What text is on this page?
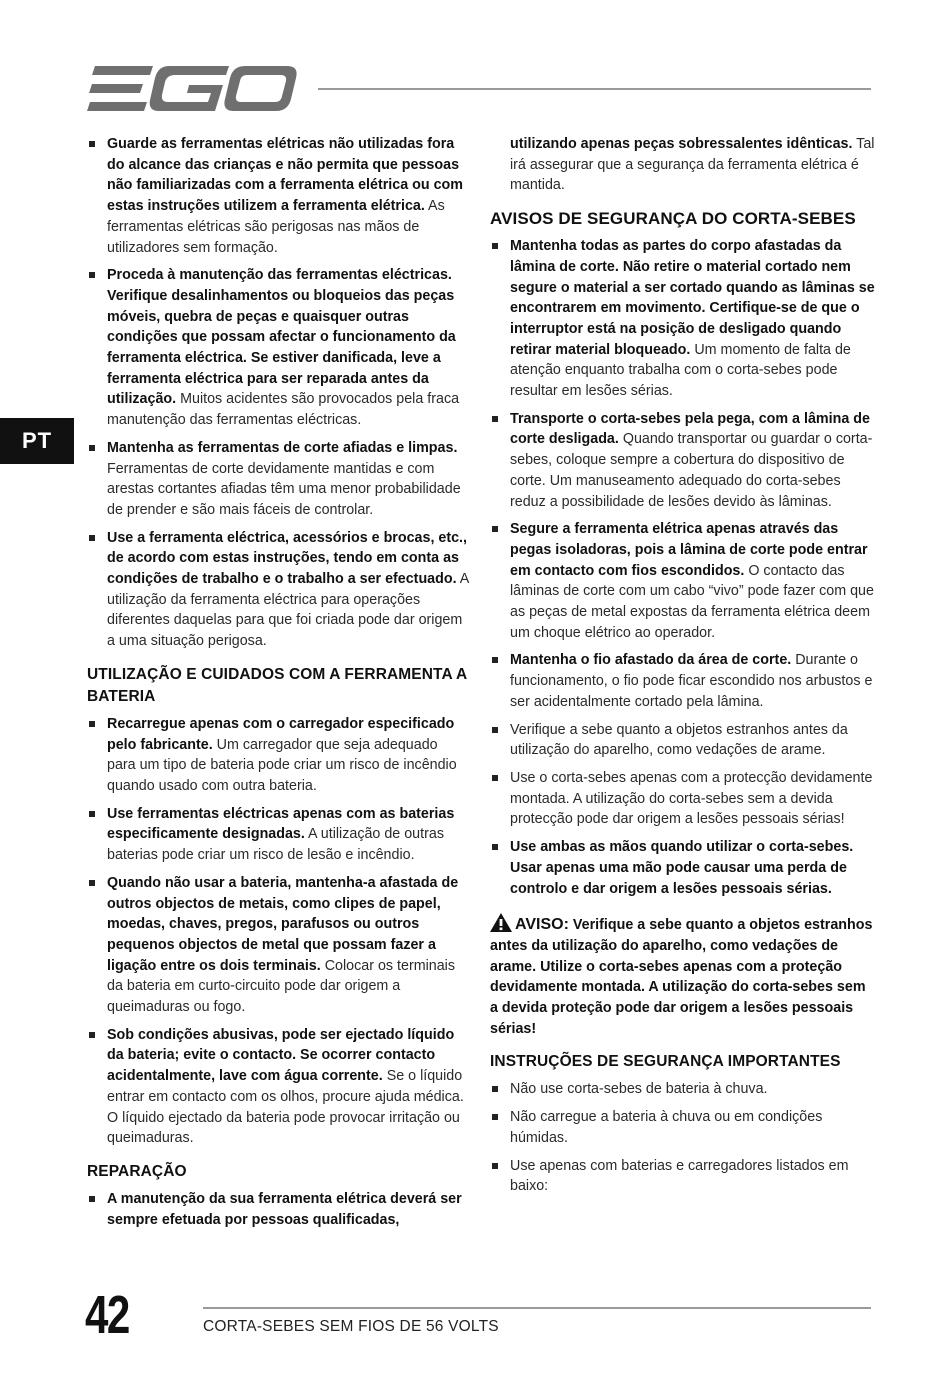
PT
Guarde as ferramentas elétricas não utilizadas fora do alcance das crianças e não permita que pessoas não familiarizadas com a ferramenta elétrica ou com estas instruções utilizem a ferramenta elétrica. As ferramentas elétricas são perigosas nas mãos de utilizadores sem formação.
Proceda à manutenção das ferramentas eléctricas. Verifique desalinhamentos ou bloqueios das peças móveis, quebra de peças e quaisquer outras condições que possam afectar o funcionamento da ferramenta eléctrica. Se estiver danificada, leve a ferramenta eléctrica para ser reparada antes da utilização. Muitos acidentes são provocados pela fraca manutenção das ferramentas eléctricas.
Mantenha as ferramentas de corte afiadas e limpas. Ferramentas de corte devidamente mantidas e com arestas cortantes afiadas têm uma menor probabilidade de prender e são mais fáceis de controlar.
Use a ferramenta eléctrica, acessórios e brocas, etc., de acordo com estas instruções, tendo em conta as condições de trabalho e o trabalho a ser efectuado. A utilização da ferramenta eléctrica para operações diferentes daquelas para que foi criada pode dar origem a uma situação perigosa.
UTILIZAÇÃO E CUIDADOS COM A FERRAMENTA A BATERIA
Recarregue apenas com o carregador especificado pelo fabricante. Um carregador que seja adequado para um tipo de bateria pode criar um risco de incêndio quando usado com outra bateria.
Use ferramentas eléctricas apenas com as baterias especificamente designadas. A utilização de outras baterias pode criar um risco de lesão e incêndio.
Quando não usar a bateria, mantenha-a afastada de outros objectos de metais, como clipes de papel, moedas, chaves, pregos, parafusos ou outros pequenos objectos de metal que possam fazer a ligação entre os dois terminais. Colocar os terminais da bateria em curto-circuito pode dar origem a queimaduras ou fogo.
Sob condições abusivas, pode ser ejectado líquido da bateria; evite o contacto. Se ocorrer contacto acidentalmente, lave com água corrente. Se o líquido entrar em contacto com os olhos, procure ajuda médica. O líquido ejectado da bateria pode provocar irritação ou queimaduras.
REPARAÇÃO
A manutenção da sua ferramenta elétrica deverá ser sempre efetuada por pessoas qualificadas,
utilizando apenas peças sobressalentes idênticas. Tal irá assegurar que a segurança da ferramenta elétrica é mantida.
AVISOS DE SEGURANÇA DO CORTA-SEBES
Mantenha todas as partes do corpo afastadas da lâmina de corte. Não retire o material cortado nem segure o material a ser cortado quando as lâminas se encontrarem em movimento. Certifique-se de que o interruptor está na posição de desligado quando retirar material bloqueado. Um momento de falta de atenção enquanto trabalha com o corta-sebes pode resultar em lesões sérias.
Transporte o corta-sebes pela pega, com a lâmina de corte desligada. Quando transportar ou guardar o corta-sebes, coloque sempre a cobertura do dispositivo de corte. Um manuseamento adequado do corta-sebes reduz a possibilidade de lesões devido às lâminas.
Segure a ferramenta elétrica apenas através das pegas isoladoras, pois a lâmina de corte pode entrar em contacto com fios escondidos. O contacto das lâminas de corte com um cabo “vivo” pode fazer com que as peças de metal expostas da ferramenta elétrica deem um choque elétrico ao operador.
Mantenha o fio afastado da área de corte. Durante o funcionamento, o fio pode ficar escondido nos arbustos e ser acidentalmente cortado pela lâmina.
Verifique a sebe quanto a objetos estranhos antes da utilização do aparelho, como vedações de arame.
Use o corta-sebes apenas com a protecção devidamente montada. A utilização do corta-sebes sem a devida protecção pode dar origem a lesões pessoais sérias!
Use ambas as mãos quando utilizar o corta-sebes. Usar apenas uma mão pode causar uma perda de controlo e dar origem a lesões pessoais sérias.
AVISO: Verifique a sebe quanto a objetos estranhos antes da utilização do aparelho, como vedações de arame. Utilize o corta-sebes apenas com a proteção devidamente montada. A utilização do corta-sebes sem a devida proteção pode dar origem a lesões pessoais sérias!
INSTRUÇÕES DE SEGURANÇA IMPORTANTES
Não use corta-sebes de bateria à chuva.
Não carregue a bateria à chuva ou em condições húmidas.
Use apenas com baterias e carregadores listados em baixo:
42	CORTA-SEBES SEM FIOS DE 56 VOLTS
